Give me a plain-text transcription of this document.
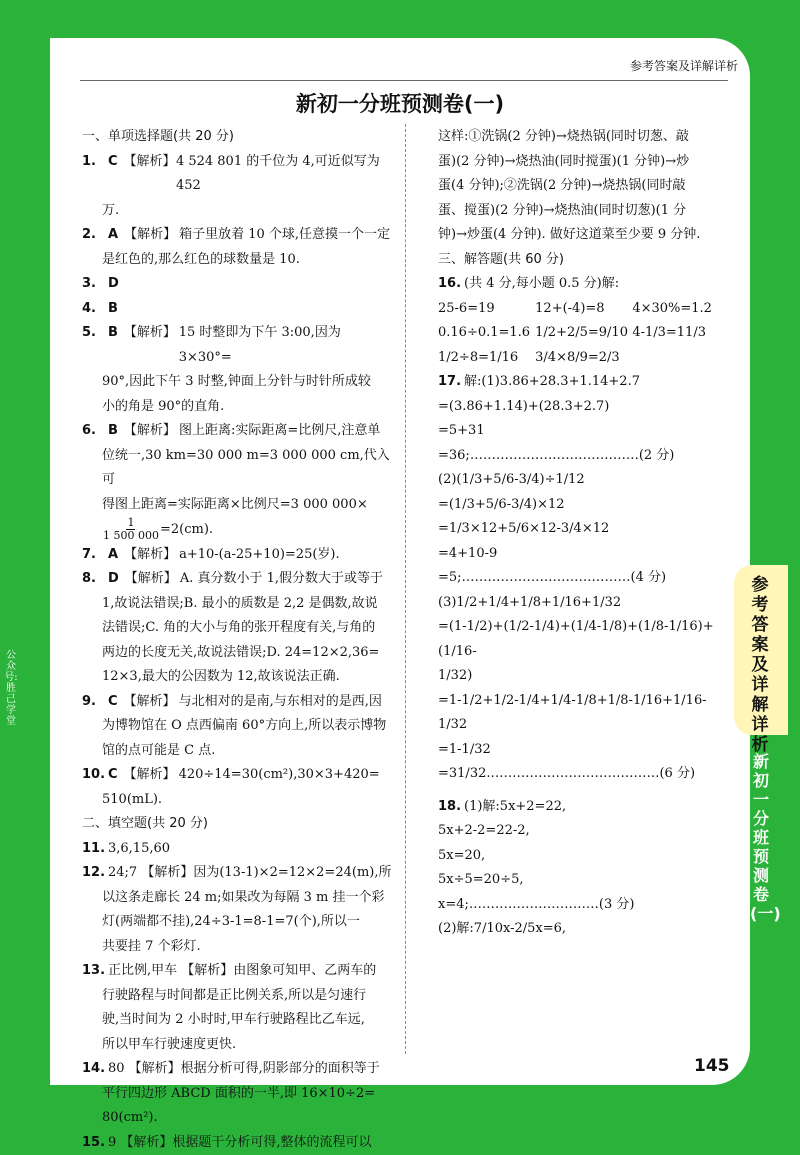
参考答案及详解详析
新初一分班预测卷(一)
一、单项选择题(共 20 分)
1. C 【解析】 4 524 801 的千位为 4,可近似写为 452
万.
2. A 【解析】 箱子里放着 10 个球,任意摸一个一定
是红色的,那么红色的球数量是 10.
3. D
4. B
5. B 【解析】 15 时整即为下午 3:00,因为 3×30°=
90°,因此下午 3 时整,钟面上分针与时针所成较
小的角是 90°的直角.
6. B 【解析】 图上距离:实际距离=比例尺,注意单
位统一,30 km=30 000 m=3 000 000 cm,代入可
得图上距离=实际距离×比例尺=3 000 000×
$\frac{1}{1 500 000} =2(cm)$.
7. A 【解析】 a+10-(a-25+10)=25(岁).
8. D 【解析】 A. 真分数小于 1,假分数大于或等于
1,故说法错误;B. 最小的质数是 2,2 是偶数,故说
法错误;C. 角的大小与角的张开程度有关,与角的
两边的长度无关,故说法错误;D. 24=12×2,36=
12×3,最大的公因数为 12,故该说法正确.
9. C 【解析】 与北相对的是南,与东相对的是西,因
为博物馆在 O 点西偏南 60°方向上,所以表示博物
馆的点可能是 C 点.
10. C 【解析】 420÷14=30(cm²),30×3+420=
510(mL).
二、填空题(共 20 分)
11. 3,6,15,60
12. 24;7 【解析】因为(13-1)×2=12×2=24(m),所
以这条走廊长 24 m;如果改为每隔 3 m 挂一个彩
灯(两端都不挂),24÷3-1=8-1=7(个),所以一
共要挂 7 个彩灯.
13. 正比例,甲车 【解析】由图象可知甲、乙两车的
行驶路程与时间都是正比例关系,所以是匀速行
驶,当时间为 2 小时时,甲车行驶路程比乙车远,
所以甲车行驶速度更快.
14. 80 【解析】根据分析可得,阴影部分的面积等于
平行四边形 ABCD 面积的一半,即 16×10÷2=
80(cm²).
15. 9 【解析】根据题干分析可得,整体的流程可以
这样:①洗锅(2 分钟)→烧热锅(同时切葱、敲
蛋)(2 分钟)→烧热油(同时搅蛋)(1 分钟)→炒
蛋(4 分钟);②洗锅(2 分钟)→烧热锅(同时敲
蛋、搅蛋)(2 分钟)→烧热油(同时切葱)(1 分
钟)→炒蛋(4 分钟). 做好这道菜至少要 9 分钟.
三、解答题(共 60 分)
16. (共 4 分,每小题 0.5 分)解:
25-6=19	12+(-4)=8	4×30%=1.2
0.16÷0.1=1.6 1/2+2/5=9/10 4-1/3=11/3
1/2÷8=1/16	3/4×8/9=2/3
17. 解:(1)3.86+28.3+1.14+2.7
=(3.86+1.14)+(28.3+2.7)
=5+31
=36;…………………………………(2 分)
(2)(1/3+5/6-3/4)÷1/12
=(1/3+5/6-3/4)×12
=1/3×12+5/6×12-3/4×12
=4+10-9
=5;…………………………………(4 分)
(3)1/2+1/4+1/8+1/16+1/32
=(1-1/2)+(1/2-1/4)+(1/4-1/8)+(1/8-1/16)+(1/16-
1/32)
=1-1/2+1/2-1/4+1/4-1/8+1/8-1/16+1/16-1/32
=1-1/32
=31/32.…………………………………(6 分)
18. (1)解:5x+2=22,
5x+2-2=22-2,
5x=20,
5x÷5=20÷5,
x=4;…………………………(3 分)
(2)解:7/10x-2/5x=6,
参考答案及详解详析
新初一分班预测卷(一)
公众号:胜己学堂
145
